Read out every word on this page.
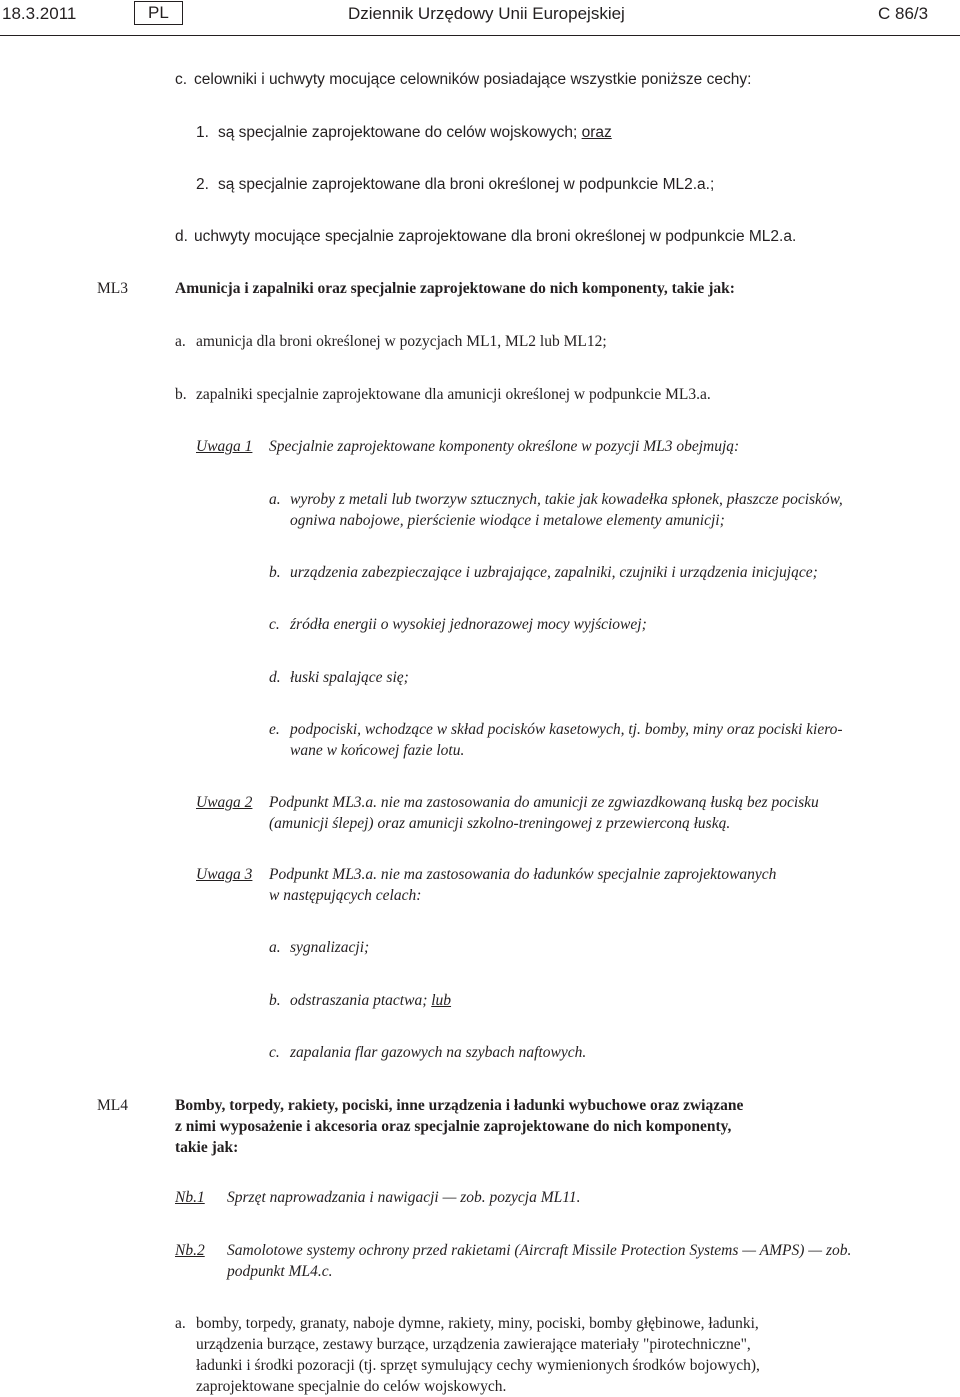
18.3.2011	PL	Dziennik Urzędowy Unii Europejskiej	C 86/3
c. celowniki i uchwyty mocujące celowników posiadające wszystkie poniższe cechy:
1. są specjalnie zaprojektowane do celów wojskowych; oraz
2. są specjalnie zaprojektowane dla broni określonej w podpunkcie ML2.a.;
d. uchwyty mocujące specjalnie zaprojektowane dla broni określonej w podpunkcie ML2.a.
ML3	Amunicja i zapalniki oraz specjalnie zaprojektowane do nich komponenty, takie jak:
a. amunicja dla broni określonej w pozycjach ML1, ML2 lub ML12;
b. zapalniki specjalnie zaprojektowane dla amunicji określonej w podpunkcie ML3.a.
Uwaga 1 Specjalnie zaprojektowane komponenty określone w pozycji ML3 obejmują:
a. wyroby z metali lub tworzyw sztucznych, takie jak kowadełka spłonek, płaszcze pocisków,
ogniwa nabojowe, pierścienie wiodące i metalowe elementy amunicji;
b. urządzenia zabezpieczające i uzbrajające, zapalniki, czujniki i urządzenia inicjujące;
c. źródła energii o wysokiej jednorazowej mocy wyjściowej;
d. łuski spalające się;
e. podpociski, wchodzące w skład pocisków kasetowych, tj. bomby, miny oraz pociski kiero-
wane w końcowej fazie lotu.
Uwaga 2 Podpunkt ML3.a. nie ma zastosowania do amunicji ze zgwiazdkowaną łuską bez pocisku
(amunicji ślepej) oraz amunicji szkolno-treningowej z przewierconą łuską.
Uwaga 3 Podpunkt ML3.a. nie ma zastosowania do ładunków specjalnie zaprojektowanych
w następujących celach:
a. sygnalizacji;
b. odstraszania ptactwa; lub
c. zapalania flar gazowych na szybach naftowych.
ML4	Bomby, torpedy, rakiety, pociski, inne urządzenia i ładunki wybuchowe oraz związane
z nimi wyposażenie i akcesoria oraz specjalnie zaprojektowane do nich komponenty,
takie jak:
Nb.1 Sprzęt naprowadzania i nawigacji — zob. pozycja ML11.
Nb.2 Samolotowe systemy ochrony przed rakietami (Aircraft Missile Protection Systems — AMPS) — zob.
podpunkt ML4.c.
a. bomby, torpedy, granaty, naboje dymne, rakiety, miny, pociski, bomby głębinowe, ładunki,
urządzenia burzące, zestawy burzące, urządzenia zawierające materiały "pirotechniczne",
ładunki i środki pozoracji (tj. sprzęt symulujący cechy wymienionych środków bojowych),
zaprojektowane specjalnie do celów wojskowych.
